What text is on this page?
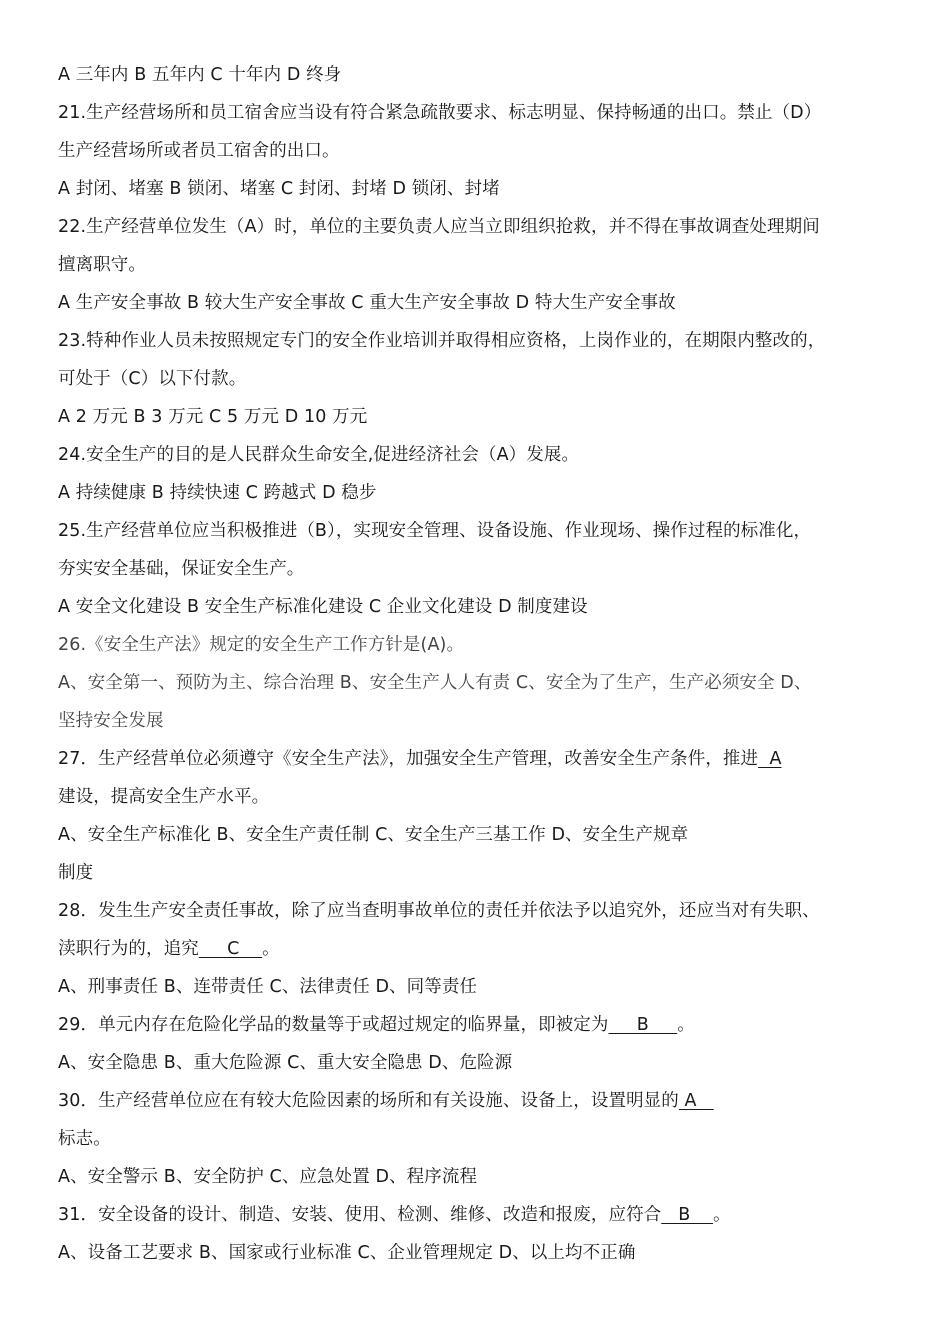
A 三年内 B 五年内 C 十年内 D 终身
21.生产经营场所和员工宿舍应当设有符合紧急疏散要求、标志明显、保持畅通的出口。禁止（D）
生产经营场所或者员工宿舍的出口。
A 封闭、堵塞 B 锁闭、堵塞 C 封闭、封堵 D 锁闭、封堵
22.生产经营单位发生（A）时，单位的主要负责人应当立即组织抢救，并不得在事故调查处理期间
擅离职守。
A 生产安全事故 B 较大生产安全事故 C 重大生产安全事故 D 特大生产安全事故
23.特种作业人员未按照规定专门的安全作业培训并取得相应资格，上岗作业的，在期限内整改的，
可处于（C）以下付款。
A 2 万元 B 3 万元 C 5 万元 D 10 万元
24.安全生产的目的是人民群众生命安全,促进经济社会（A）发展。
A 持续健康 B 持续快速 C 跨越式 D 稳步
25.生产经营单位应当积极推进（B），实现安全管理、设备设施、作业现场、操作过程的标准化，
夯实安全基础，保证安全生产。
A 安全文化建设 B 安全生产标准化建设 C 企业文化建设 D 制度建设
26.《安全生产法》规定的安全生产工作方针是(A)。
A、安全第一、预防为主、综合治理 B、安全生产人人有责 C、安全为了生产，生产必须安全 D、
坚持安全发展
27．生产经营单位必须遵守《安全生产法》，加强安全生产管理，改善安全生产条件，推进  A
建设，提高安全生产水平。
A、安全生产标准化 B、安全生产责任制 C、安全生产三基工作 D、安全生产规章
制度
28．发生生产安全责任事故，除了应当查明事故单位的责任并依法予以追究外，还应当对有失职、
渎职行为的，追究     C    。
A、刑事责任 B、连带责任 C、法律责任 D、同等责任
29．单元内存在危险化学品的数量等于或超过规定的临界量，即被定为     B     。
A、安全隐患 B、重大危险源 C、重大安全隐患 D、危险源
30．生产经营单位应在有较大危险因素的场所和有关设施、设备上，设置明显的 A
标志。
A、安全警示 B、安全防护 C、应急处置 D、程序流程
31．安全设备的设计、制造、安装、使用、检测、维修、改造和报废，应符合   B    。
A、设备工艺要求 B、国家或行业标准 C、企业管理规定 D、以上均不正确
